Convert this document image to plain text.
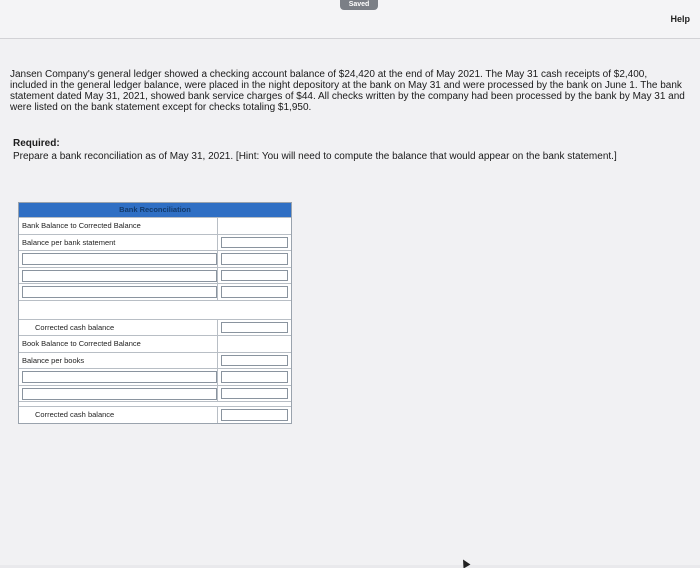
Saved
Help
Jansen Company's general ledger showed a checking account balance of $24,420 at the end of May 2021. The May 31 cash receipts of $2,400, included in the general ledger balance, were placed in the night depository at the bank on May 31 and were processed by the bank on June 1. The bank statement dated May 31, 2021, showed bank service charges of $44. All checks written by the company had been processed by the bank by May 31 and were listed on the bank statement except for checks totaling $1,950.
Required:
Prepare a bank reconciliation as of May 31, 2021. [Hint: You will need to compute the balance that would appear on the bank statement.]
Bank Reconciliation
Bank Balance to Corrected Balance
Balance per bank statement
Corrected cash balance
Book Balance to Corrected Balance
Balance per books
Corrected cash balance
